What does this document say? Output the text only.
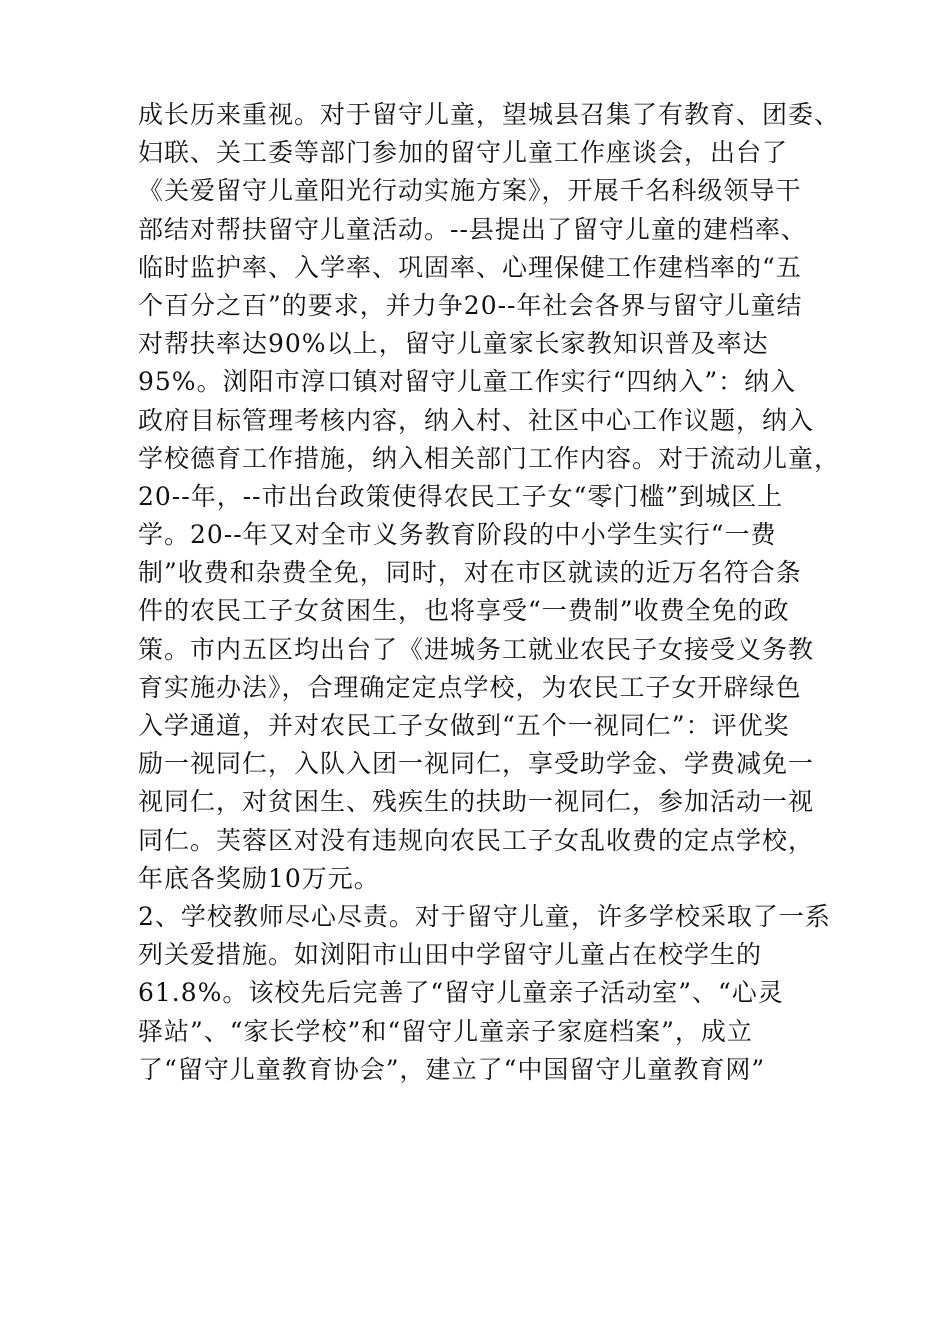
成长历来重视。对于留守儿童，望城县召集了有教育、团委、
妇联、关工委等部门参加的留守儿童工作座谈会，出台了
《关爱留守儿童阳光行动实施方案》，开展千名科级领导干
部结对帮扶留守儿童活动。--县提出了留守儿童的建档率、
临时监护率、入学率、巩固率、心理保健工作建档率的“五
个百分之百”的要求，并力争20--年社会各界与留守儿童结
对帮扶率达90%以上，留守儿童家长家教知识普及率达
95%。浏阳市淳口镇对留守儿童工作实行“四纳入”：纳入
政府目标管理考核内容，纳入村、社区中心工作议题，纳入
学校德育工作措施，纳入相关部门工作内容。对于流动儿童，
20--年，--市出台政策使得农民工子女“零门槛”到城区上
学。20--年又对全市义务教育阶段的中小学生实行“一费
制”收费和杂费全免，同时，对在市区就读的近万名符合条
件的农民工子女贫困生，也将享受“一费制”收费全免的政
策。市内五区均出台了《进城务工就业农民子女接受义务教
育实施办法》，合理确定定点学校，为农民工子女开辟绿色
入学通道，并对农民工子女做到“五个一视同仁”：评优奖
励一视同仁，入队入团一视同仁，享受助学金、学费减免一
视同仁，对贫困生、残疾生的扶助一视同仁，参加活动一视
同仁。芙蓉区对没有违规向农民工子女乱收费的定点学校，
年底各奖励10万元。
2、学校教师尽心尽责。对于留守儿童，许多学校采取了一系
列关爱措施。如浏阳市山田中学留守儿童占在校学生的
61.8%。该校先后完善了“留守儿童亲子活动室”、“心灵
驿站”、“家长学校”和“留守儿童亲子家庭档案”，成立
了“留守儿童教育协会”，建立了“中国留守儿童教育网”
